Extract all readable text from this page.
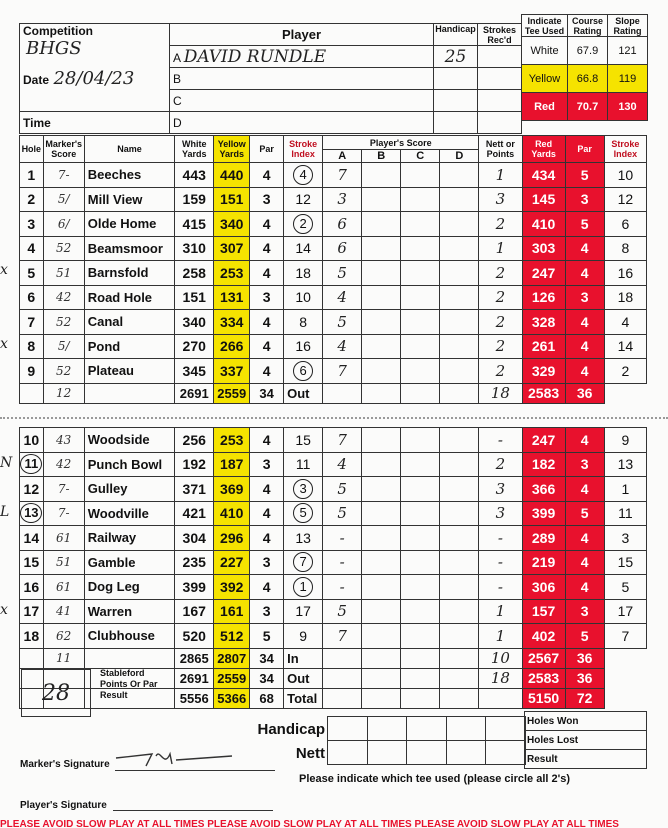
Competition
BHGS	Player	Handicap	Strokes Rec'd
	A DAVID RUNDLE	25	
Date 28/04/23	B		
	C		
Time	D		
Indicate Tee Used	Course Rating	Slope Rating
White	67.9	121
Yellow	66.8	119
Red	70.7	130
Hole	Marker's Score	Name	White Yards	Yellow Yards	Par	Stroke Index	Player's Score				Nett or Points	Red Yards	Par	Stroke Index
							A	B	C	D				
1	7-	Beeches	443	440	4	4	7				1	434	5	10
2	5/	Mill View	159	151	3	12	3				3	145	3	12
3	6/	Olde Home	415	340	4	2	6				2	410	5	6
4	52	Beamsmoor	310	307	4	14	6				1	303	4	8
5	51	Barnsfold	258	253	4	18	5				2	247	4	16
6	42	Road Hole	151	131	3	10	4				2	126	3	18
7	52	Canal	340	334	4	8	5				2	328	4	4
8	5/	Pond	270	266	4	16	4				2	261	4	14
9	52	Plateau	345	337	4	6	7				2	329	4	2
	12		2691	2559	34	Out					18	2583	36	
10	43	Woodside	256	253	4	15	7				-	247	4	9
11	42	Punch Bowl	192	187	3	11	4				2	182	3	13
12	7-	Gulley	371	369	4	3	5				3	366	4	1
13	7-	Woodville	421	410	4	5	5				3	399	5	11
14	61	Railway	304	296	4	13	-				-	289	4	3
15	51	Gamble	235	227	3	7	-				-	219	4	15
16	61	Dog Leg	399	392	4	1	-				-	306	4	5
17	41	Warren	167	161	3	17	5				1	157	3	17
18	62	Clubhouse	520	512	5	9	7				1	402	5	7
	11		2865	2807	34	In					10	2567	36	
			2691	2559	34	Out					18	2583	36	
			5556	5366	68	Total						5150	72	
Marker's Signature
Player's Signature
Please indicate which tee used (please circle all 2's)
PLEASE AVOID SLOW PLAY AT ALL TIMES PLEASE AVOID SLOW PLAY AT ALL TIMES PLEASE AVOID SLOW PLAY AT ALL TIMES
x
x
N
L
x
28
Stableford Points Or Par Result
Handicap
Nett

Holes Won
Holes Lost
Result
